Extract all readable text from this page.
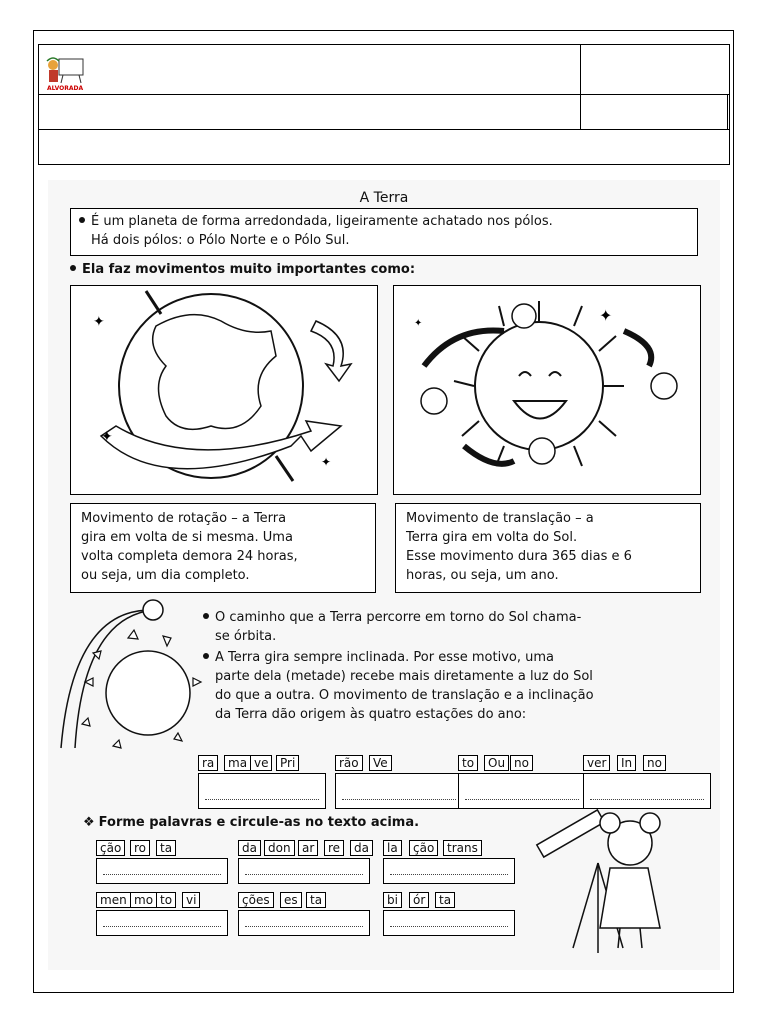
ALVORADA		

A Terra
É um planeta de forma arredondada, ligeiramente achatado nos pólos.
Há dois pólos: o Pólo Norte e o Pólo Sul.
Ela faz movimentos muito importantes como:
✦
✦
✦
✦
✦
Movimento de rotação – a Terra
gira em volta de si mesma. Uma
volta completa demora 24 horas,
ou seja, um dia completo.
Movimento de translação – a
Terra gira em volta do Sol.
Esse movimento dura 365 dias e 6
horas, ou seja, um ano.
O caminho que a Terra percorre em torno do Sol chama-
se órbita.
A Terra gira sempre inclinada. Por esse motivo, uma
parte dela (metade) recebe mais diretamente a luz do Sol
do que a outra. O movimento de translação e a inclinação
da Terra dão origem às quatro estações do ano:
❖ Forme palavras e circule-as no texto acima.
ra	ma ve Pri	rão	Ve	to	Ou no	ver	In	no
ção	ro	ta	da don ar	re	da	la	ção	trans
men mo to	vi	ções	es	ta	bi	ór	ta
